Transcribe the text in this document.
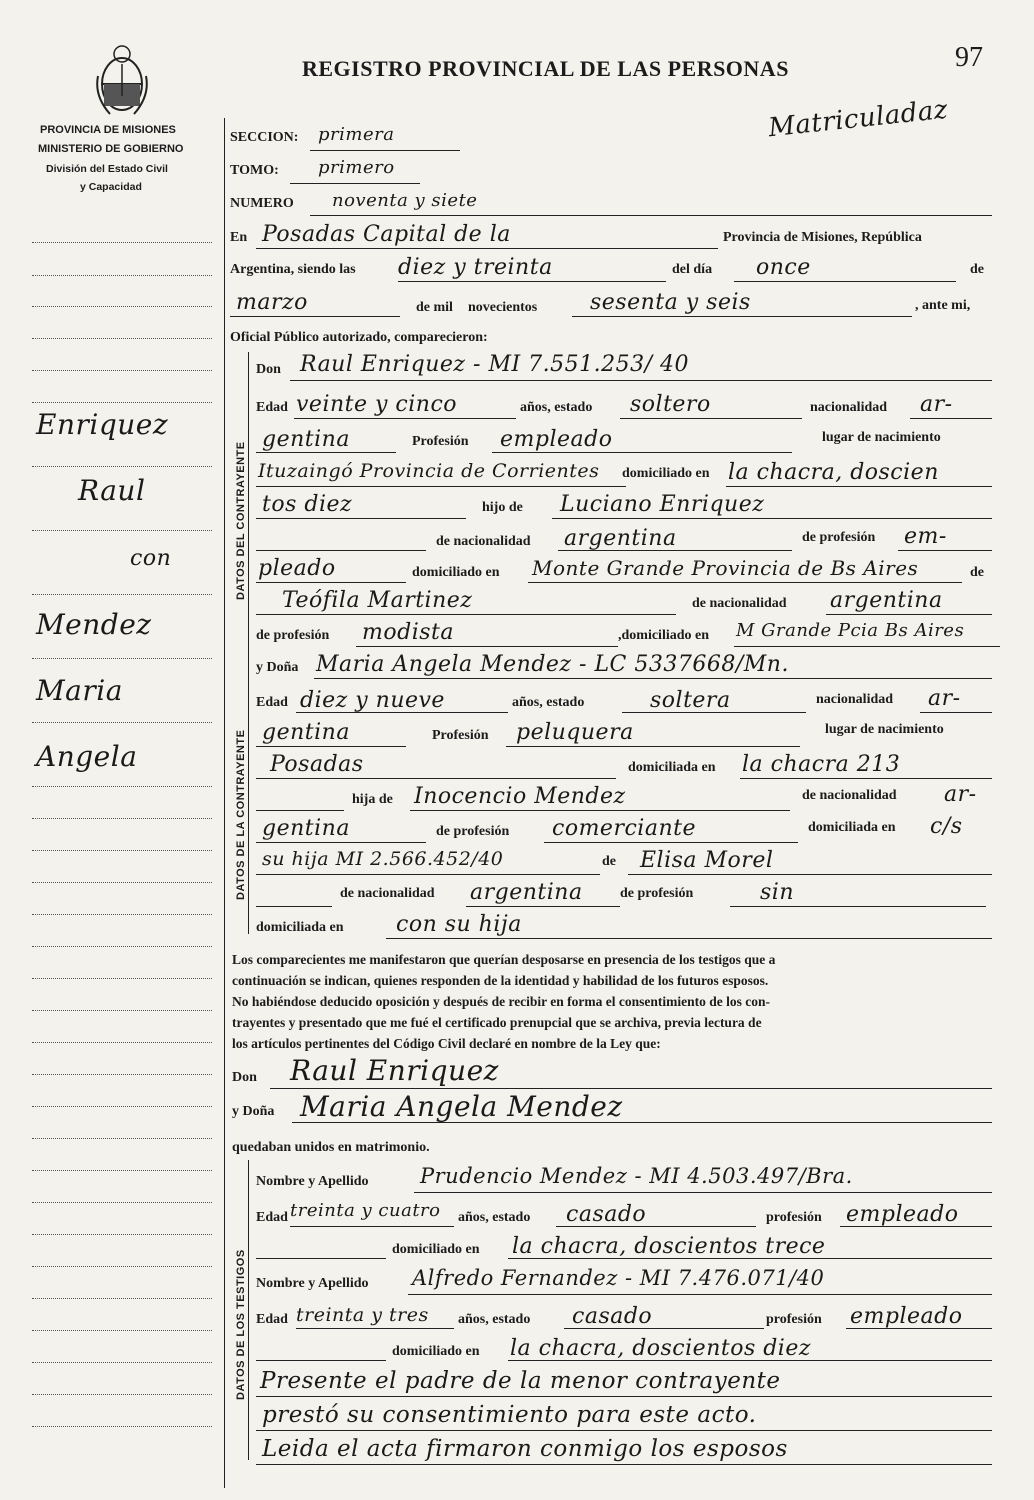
PROVINCIA DE MISIONES
MINISTERIO DE GOBIERNO
División del Estado Civil
y Capacidad
REGISTRO PROVINCIAL DE LAS PERSONAS	97
Matriculadaz
Enriquez
Raul
con
Mendez
Maria
Angela
DATOS DEL CONTRAYENTE
DATOS DE LA CONTRAYENTE
DATOS DE LOS TESTIGOS
SECCION: primera
TOMO: primero
NUMERO noventa y siete
En Posadas Capital de la	Provincia de Misiones, República
Argentina, siendo las diez y treinta	del día once	de
marzo	de mil novecientos sesenta y seis	, ante mi,
Oficial Público autorizado, comparecieron:
Don Raul Enriquez - MI 7.551.253/ 40
Edad veinte y cinco	años, estado soltero	nacionalidad ar-
gentina	Profesión empleado	lugar de nacimiento
Ituzaingó Provincia de Corrientes domiciliado en la chacra, doscien
tos diez	hijo de Luciano Enriquez
de nacionalidad argentina	de profesión em-
pleado	domiciliado en Monte Grande Provincia de Bs Aires	de
Teófila Martinez	de nacionalidad argentina
de profesión modista	,domiciliado en M Grande Pcia Bs Aires
y Doña Maria Angela Mendez - LC 5337668/Mn.
Edad diez y nueve	años, estado	soltera	nacionalidad ar-
gentina	Profesión peluquera	lugar de nacimiento
Posadas	domiciliada en la chacra 213
hija de Inocencio Mendez	de nacionalidad ar-
gentina	de profesión comerciante	domiciliada en c/s
su hija MI 2.566.452/40	de Elisa Morel
de nacionalidad argentina	de profesión	sin
domiciliada en con su hija
Los comparecientes me manifestaron que querían desposarse en presencia de los testigos que a
continuación se indican, quienes responden de la identidad y habilidad de los futuros esposos.
No habiéndose deducido oposición y después de recibir en forma el consentimiento de los con-
trayentes y presentado que me fué el certificado prenupcial que se archiva, previa lectura de
los artículos pertinentes del Código Civil declaré en nombre de la Ley que:
Don Raul Enriquez
y Doña Maria Angela Mendez
quedaban unidos en matrimonio.
Nombre y Apellido Prudencio Mendez - MI 4.503.497/Bra.
Edad treinta y cuatro años, estado casado	profesión empleado
domiciliado en la chacra, doscientos trece
Nombre y Apellido Alfredo Fernandez - MI 7.476.071/40
Edad treinta y tres años, estado casado	profesión empleado
domiciliado en la chacra, doscientos diez
Presente el padre de la menor contrayente
prestó su consentimiento para este acto.
Leida el acta firmaron conmigo los esposos
